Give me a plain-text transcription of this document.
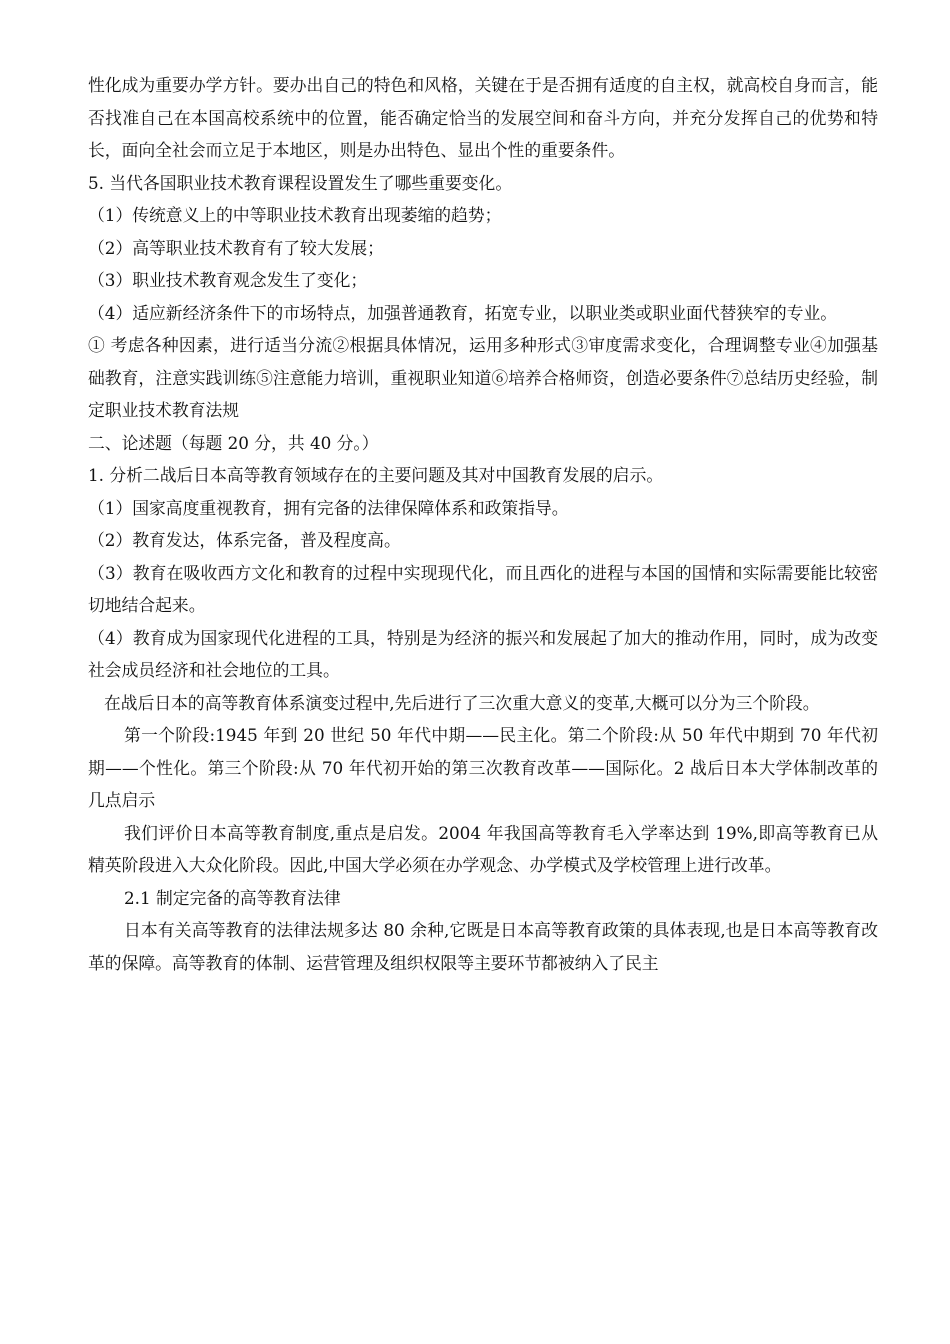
性化成为重要办学方针。要办出自己的特色和风格，关键在于是否拥有适度的自主权，就高校自身而言，能否找准自己在本国高校系统中的位置，能否确定恰当的发展空间和奋斗方向，并充分发挥自己的优势和特长，面向全社会而立足于本地区，则是办出特色、显出个性的重要条件。

5. 当代各国职业技术教育课程设置发生了哪些重要变化。

（1）传统意义上的中等职业技术教育出现萎缩的趋势；

（2）高等职业技术教育有了较大发展；

（3）职业技术教育观念发生了变化；

（4）适应新经济条件下的市场特点，加强普通教育，拓宽专业，以职业类或职业面代替狭窄的专业。

① 考虑各种因素，进行适当分流②根据具体情况，运用多种形式③审度需求变化，合理调整专业④加强基础教育，注意实践训练⑤注意能力培训，重视职业知道⑥培养合格师资，创造必要条件⑦总结历史经验，制定职业技术教育法规

二、论述题（每题 20 分，共 40 分。）

1. 分析二战后日本高等教育领域存在的主要问题及其对中国教育发展的启示。

（1）国家高度重视教育，拥有完备的法律保障体系和政策指导。

（2）教育发达，体系完备，普及程度高。

（3）教育在吸收西方文化和教育的过程中实现现代化，而且西化的进程与本国的国情和实际需要能比较密切地结合起来。

（4）教育成为国家现代化进程的工具，特别是为经济的振兴和发展起了加大的推动作用，同时，成为改变社会成员经济和社会地位的工具。

在战后日本的高等教育体系演变过程中,先后进行了三次重大意义的变革,大概可以分为三个阶段。

第一个阶段:1945 年到 20 世纪 50 年代中期——民主化。第二个阶段:从 50 年代中期到 70 年代初期——个性化。第三个阶段:从 70 年代初开始的第三次教育改革——国际化。2 战后日本大学体制改革的几点启示

我们评价日本高等教育制度,重点是启发。2004 年我国高等教育毛入学率达到 19%,即高等教育已从精英阶段进入大众化阶段。因此,中国大学必须在办学观念、办学模式及学校管理上进行改革。

2.1 制定完备的高等教育法律

日本有关高等教育的法律法规多达 80 余种,它既是日本高等教育政策的具体表现,也是日本高等教育改革的保障。高等教育的体制、运营管理及组织权限等主要环节都被纳入了民主
